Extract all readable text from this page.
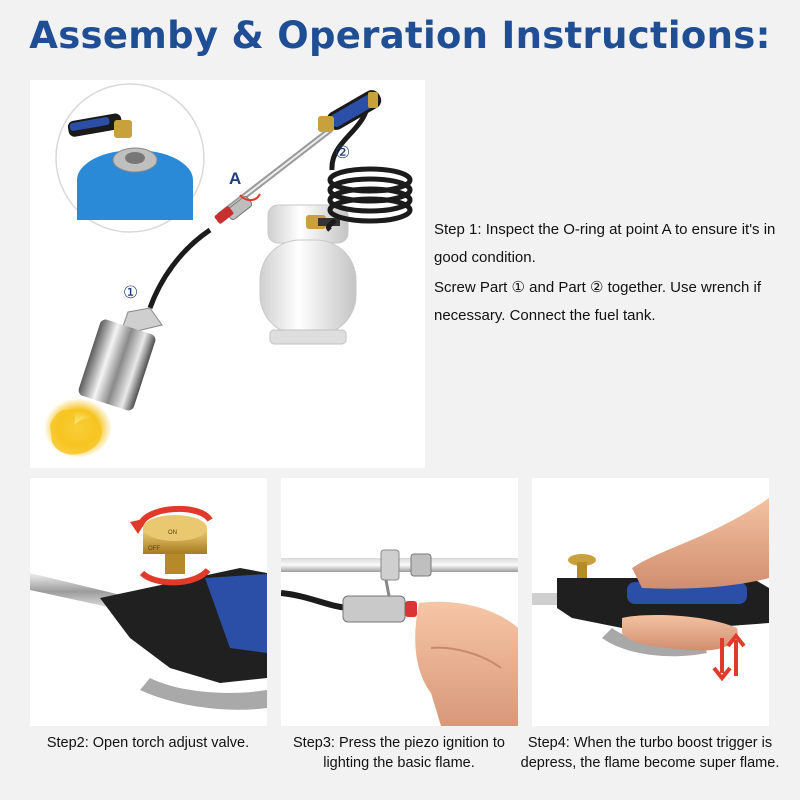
Assemby & Operation Instructions:
A
①
②

Step 1: Inspect the O-ring at point A to ensure it's in good condition.

Screw Part ① and Part ② together. Use wrench if necessary. Connect the fuel tank.

ON
OFF
Step2: Open torch adjust valve.	Step3: Press the piezo ignition to lighting the basic flame.
Step4: When the turbo boost trigger is depress, the flame become super flame.
